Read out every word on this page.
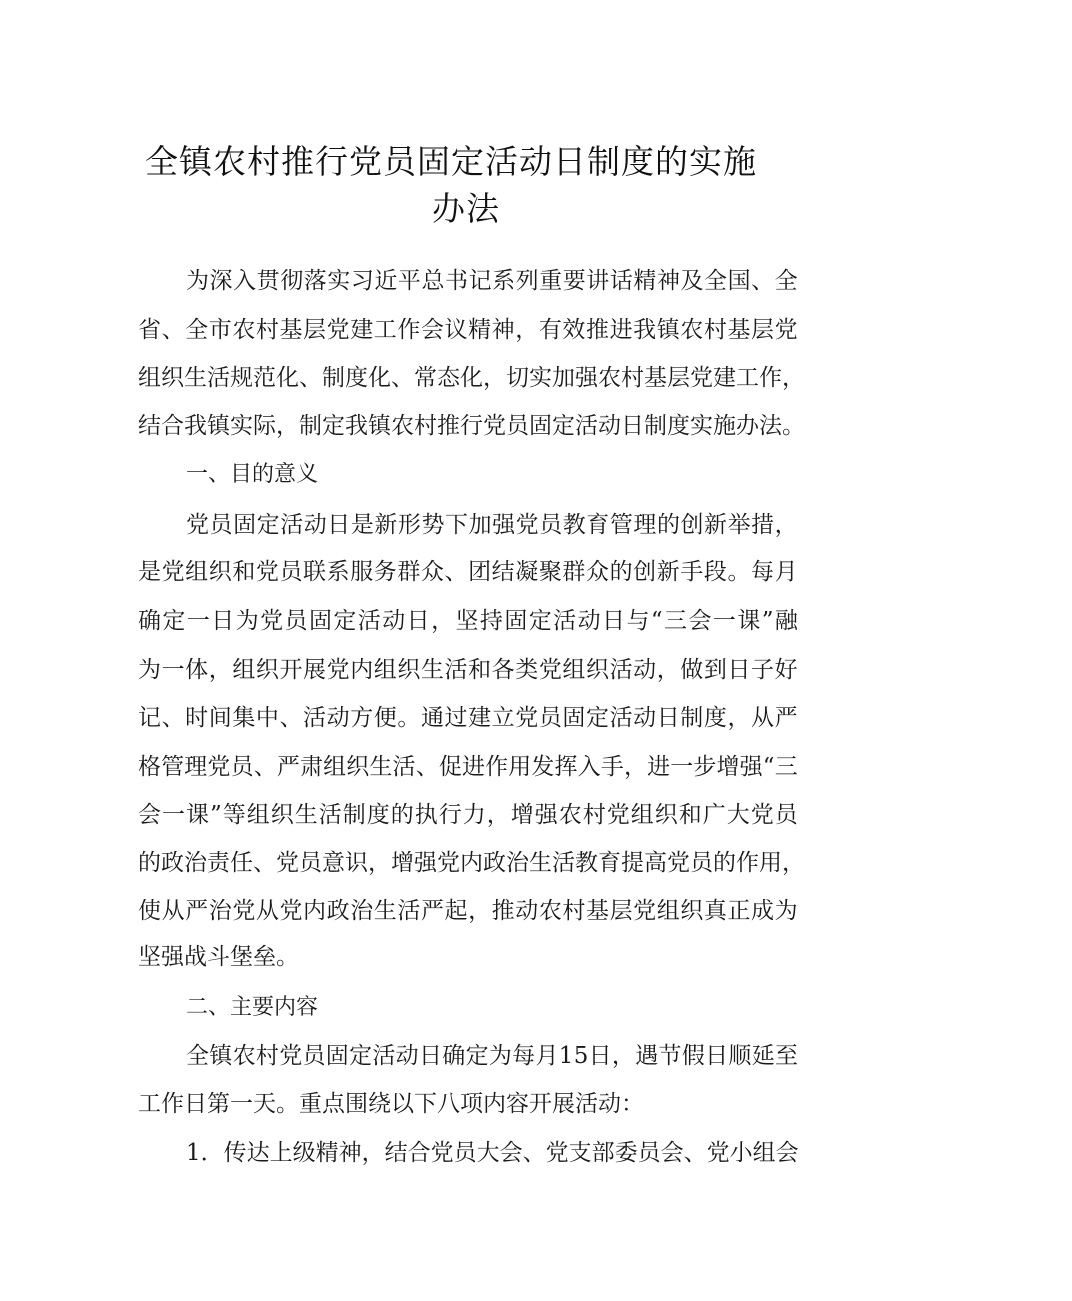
全镇农村推行党员固定活动日制度的实施
办法
为 深 入 贯 彻 落 实 习 近 平 总 书 记 系 列 重 要 讲 话 精 神 及 全 国 、 全
省 、 全 市 农 村 基 层 党 建 工 作 会 议 精 神 ， 有 效 推 进 我 镇 农 村 基 层 党
组 织 生 活 规 范 化 、 制 度 化 、 常 态 化 ， 切 实 加 强 农 村 基 层 党 建 工 作 ，
结 合 我 镇 实 际 ， 制 定 我 镇 农 村 推 行 党 员 固 定 活 动 日 制 度 实 施 办 法 。
一、目的意义
党 员 固 定 活 动 日 是 新 形 势 下 加 强 党 员 教 育 管 理 的 创 新 举 措 ，
是 党 组 织 和 党 员 联 系 服 务 群 众 、 团 结 凝 聚 群 众 的 创 新 手 段 。 每 月
确 定 一 日 为 党 员 固 定 活 动 日 ， 坚 持 固 定 活 动 日 与 “ 三 会 一 课 ” 融
为 一 体 ， 组 织 开 展 党 内 组 织 生 活 和 各 类 党 组 织 活 动 ， 做 到 日 子 好
记 、 时 间 集 中 、 活 动 方 便 。 通 过 建 立 党 员 固 定 活 动 日 制 度 ， 从 严
格 管 理 党 员 、 严 肃 组 织 生 活 、 促 进 作 用 发 挥 入 手 ， 进 一 步 增 强 “ 三
会 一 课 ” 等 组 织 生 活 制 度 的 执 行 力 ， 增 强 农 村 党 组 织 和 广 大 党 员
的 政 治 责 任 、 党 员 意 识 ， 增 强 党 内 政 治 生 活 教 育 提 高 党 员 的 作 用 ，
使 从 严 治 党 从 党 内 政 治 生 活 严 起 ， 推 动 农 村 基 层 党 组 织 真 正 成 为
坚强战斗堡垒。
二、主要内容
全 镇 农 村 党 员 固 定 活 动 日 确 定 为 每 月 1 5 日 ， 遇 节 假 日 顺 延 至
工作日第一天。重点围绕以下八项内容开展活动：
1 ． 传 达 上 级 精 神 ， 结 合 党 员 大 会 、 党 支 部 委 员 会 、 党 小 组 会
